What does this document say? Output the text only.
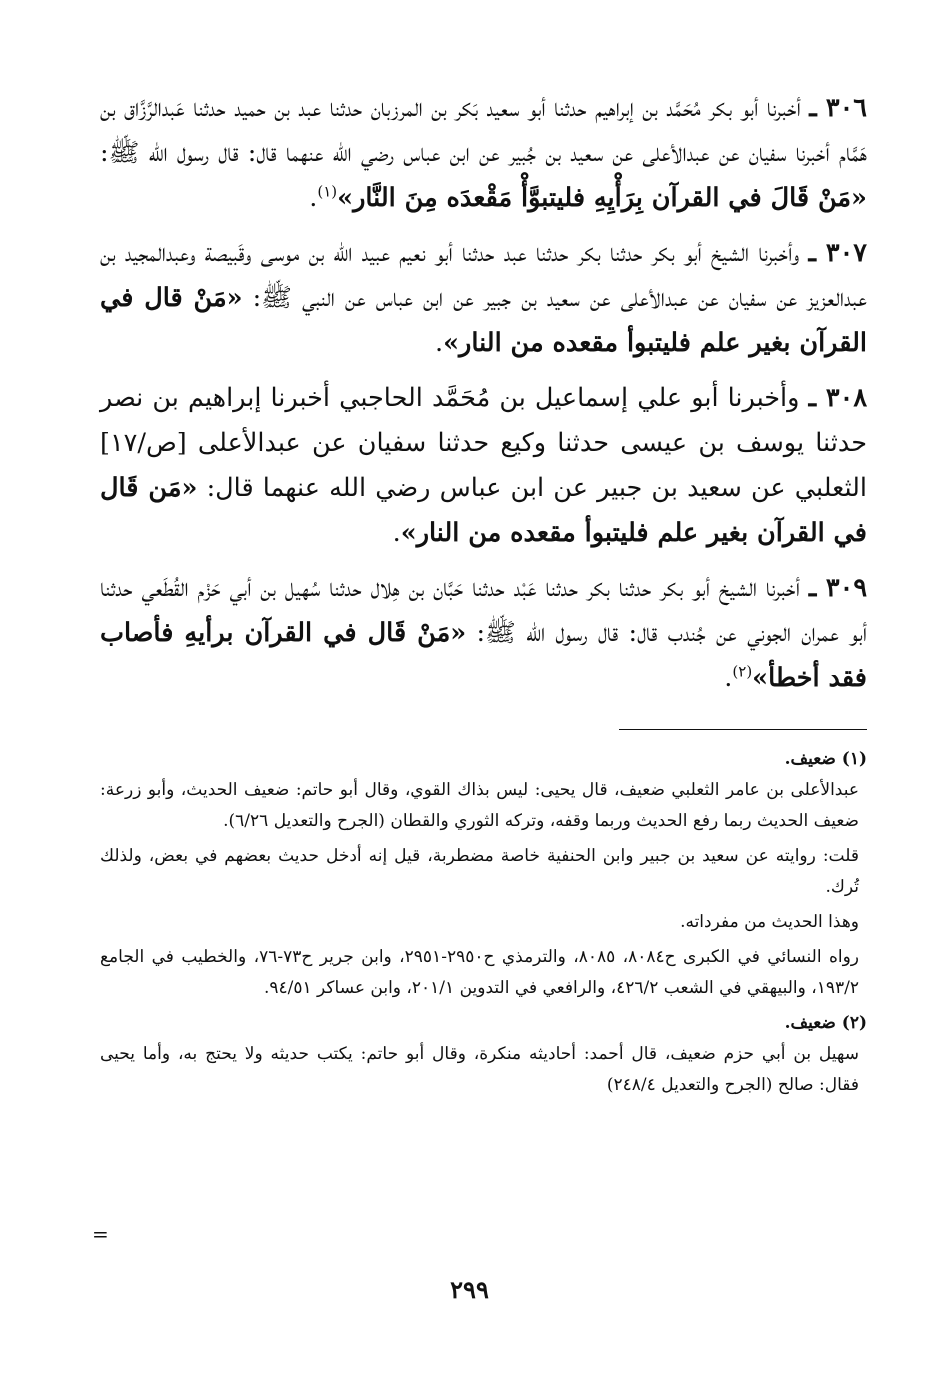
٣٠٦ ـ أخبرنا أبو بكر مُحَمَّد بن إبراهيم حدثنا أبو سعيد بَكر بن المرزبان حدثنا عبد بن حميد حدثنا عَبدالرَّزَّاق بن هَمَّام أخبرنا سفيان عن عبدالأعلى عن سعيد بن جُبير عن ابن عباس رضي الله عنهما قال: قال رسول الله ﷺ: «مَنْ قَالَ في القرآن بِرَأْيِهِ فليتبوَّأْ مَقْعدَه مِنَ النَّار»$^{(١)}$.

٣٠٧ ـ وأخبرنا الشيخ أبو بكر حدثنا بكر حدثنا عبد حدثنا أبو نعيم عبيد اللّه بن موسى وقَبيصة وعبدالمجيد بن عبدالعزيز عن سفيان عن عبدالأعلى عن سعيد بن جبير عن ابن عباس عن النبي ﷺ: «مَنْ قال في القرآن بغير علم فليتبوأ مقعده من النار».

٣٠٨ ـ وأخبرنا أبو علي إسماعيل بن مُحَمَّد الحاجبي أخبرنا إبراهيم بن نصر حدثنا يوسف بن عيسى حدثنا وكيع حدثنا سفيان عن عبدالأعلى [ص/١٧] الثعلبي عن سعيد بن جبير عن ابن عباس رضي الله عنهما قال: «مَن قَال في القرآن بغير علم فليتبوأ مقعده من النار».

٣٠٩ ـ أخبرنا الشيخ أبو بكر حدثنا بكر حدثنا عَبْد حدثنا حَبَّان بن هِلال حدثنا سُهيل بن أبي حَزْم القُطَعي حدثنا أبو عمران الجوني عن جُندب قال: قال رسول اللّه ﷺ: «مَنْ قَال في القرآن برأيهِ فأصاب فقد أخطأ»$^{(٢)}$.

(١) ضعيف.

عبدالأعلى بن عامر الثعلبي ضعيف، قال يحيى: ليس بذاك القوي، وقال أبو حاتم: ضعيف الحديث، وأبو زرعة: ضعيف الحديث ربما رفع الحديث وربما وقفه، وتركه الثوري والقطان (الجرح والتعديل ٦/٢٦).

قلت: روايته عن سعيد بن جبير وابن الحنفية خاصة مضطربة، قيل إنه أدخل حديث بعضهم في بعض، ولذلك تُرك.

وهذا الحديث من مفرداته.

رواه النسائي في الكبرى ح٨٠٨٤، ٨٠٨٥، والترمذي ح٢٩٥٠-٢٩٥١، وابن جرير ح٧٣-٧٦، والخطيب في الجامع ١٩٣/٢، والبيهقي في الشعب ٤٢٦/٢، والرافعي في التدوين ٢٠١/١، وابن عساكر ٩٤/٥١.

(٢) ضعيف.

سهيل بن أبي حزم ضعيف، قال أحمد: أحاديثه منكرة، وقال أبو حاتم: يكتب حديثه ولا يحتج به، وأما يحيى فقال: صالح (الجرح والتعديل ٢٤٨/٤)

=
٢٩٩
